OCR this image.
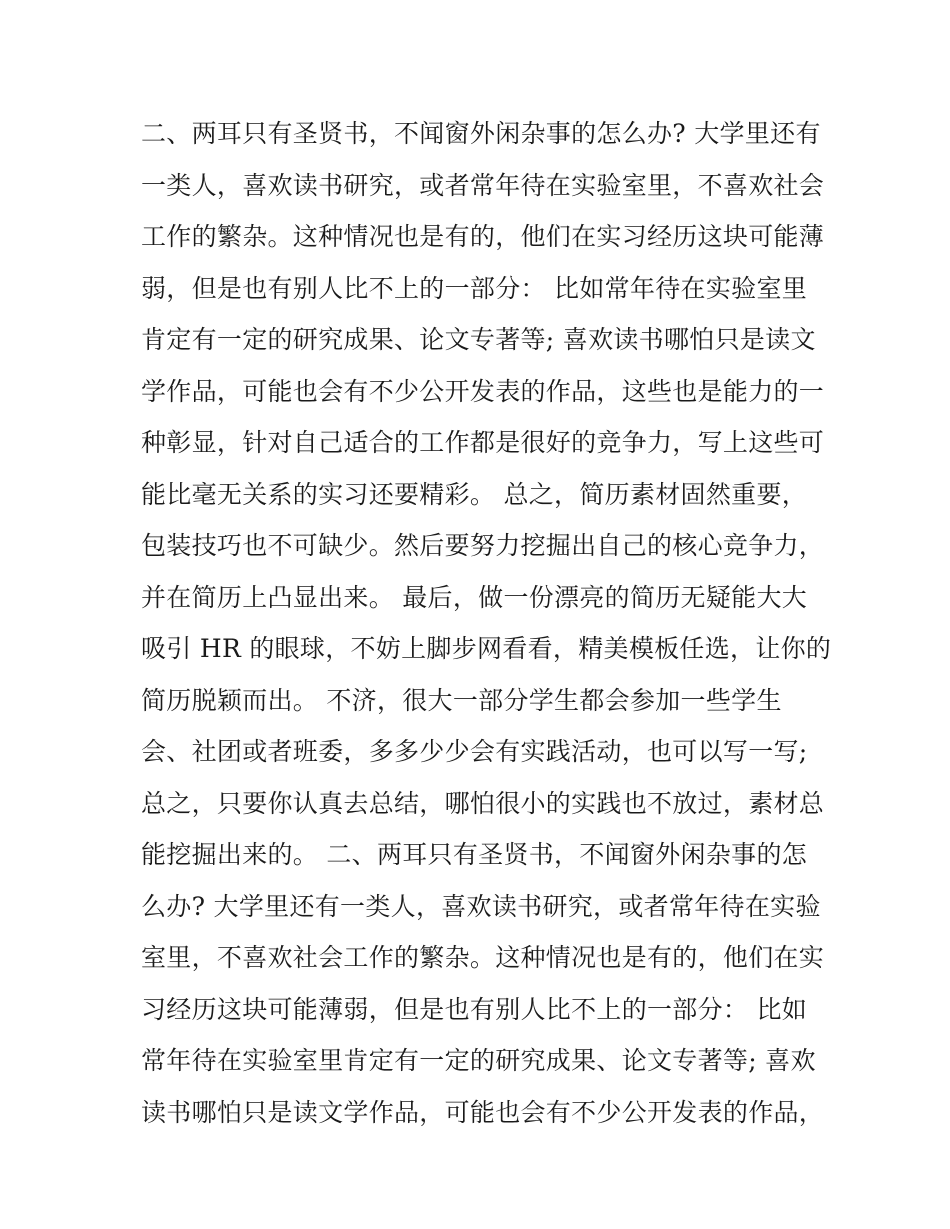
二、两耳只有圣贤书，不闻窗外闲杂事的怎么办? 大学里还有
一类人，喜欢读书研究，或者常年待在实验室里，不喜欢社会
工作的繁杂。这种情况也是有的，他们在实习经历这块可能薄
弱，但是也有别人比不上的一部分： 比如常年待在实验室里
肯定有一定的研究成果、论文专著等; 喜欢读书哪怕只是读文
学作品，可能也会有不少公开发表的作品，这些也是能力的一
种彰显，针对自己适合的工作都是很好的竞争力，写上这些可
能比毫无关系的实习还要精彩。 总之，简历素材固然重要，
包装技巧也不可缺少。然后要努力挖掘出自己的核心竞争力，
并在简历上凸显出来。 最后，做一份漂亮的简历无疑能大大
吸引 HR 的眼球，不妨上脚步网看看，精美模板任选，让你的
简历脱颖而出。 不济，很大一部分学生都会参加一些学生
会、社团或者班委，多多少少会有实践活动，也可以写一写;
总之，只要你认真去总结，哪怕很小的实践也不放过，素材总
能挖掘出来的。 二、两耳只有圣贤书，不闻窗外闲杂事的怎
么办? 大学里还有一类人，喜欢读书研究，或者常年待在实验
室里，不喜欢社会工作的繁杂。这种情况也是有的，他们在实
习经历这块可能薄弱，但是也有别人比不上的一部分： 比如
常年待在实验室里肯定有一定的研究成果、论文专著等; 喜欢
读书哪怕只是读文学作品，可能也会有不少公开发表的作品，
